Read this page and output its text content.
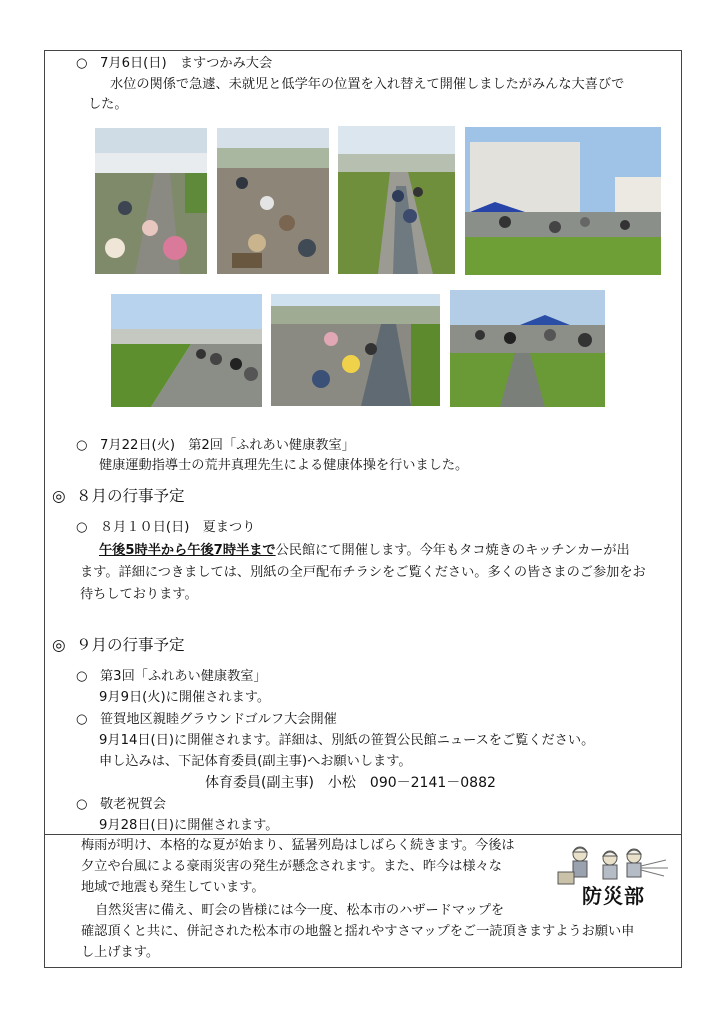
○ 7月6日(日)　ますつかみ大会
水位の関係で急遽、未就児と低学年の位置を入れ替えて開催しましたがみんな大喜びで
した。
○ 7月22日(火)　第2回「ふれあい健康教室」
健康運動指導士の荒井真理先生による健康体操を行いました。
◎ ８月の行事予定
○ ８月１０日(日)　夏まつり
午後5時半から午後7時半まで公民館にて開催します。今年もタコ焼きのキッチンカーが出
ます。詳細につきましては、別紙の全戸配布チラシをご覧ください。多くの皆さまのご参加をお
待ちしております。
◎ ９月の行事予定
○ 第3回「ふれあい健康教室」
9月9日(火)に開催されます。
○ 笹賀地区親睦グラウンドゴルフ大会開催
9月14日(日)に開催されます。詳細は、別紙の笹賀公民館ニュースをご覧ください。
申し込みは、下記体育委員(副主事)へお願いします。
体育委員(副主事)　小松　090－2141－0882
○ 敬老祝賀会
9月28日(日)に開催されます。
梅雨が明け、本格的な夏が始まり、猛暑列島はしばらく続きます。今後は
夕立や台風による豪雨災害の発生が懸念されます。また、昨今は様々な
地域で地震も発生しています。
自然災害に備え、町会の皆様には今一度、松本市のハザードマップを
確認頂くと共に、併記された松本市の地盤と揺れやすさマップをご一読頂きますようお願い申
し上げます。
防災部
